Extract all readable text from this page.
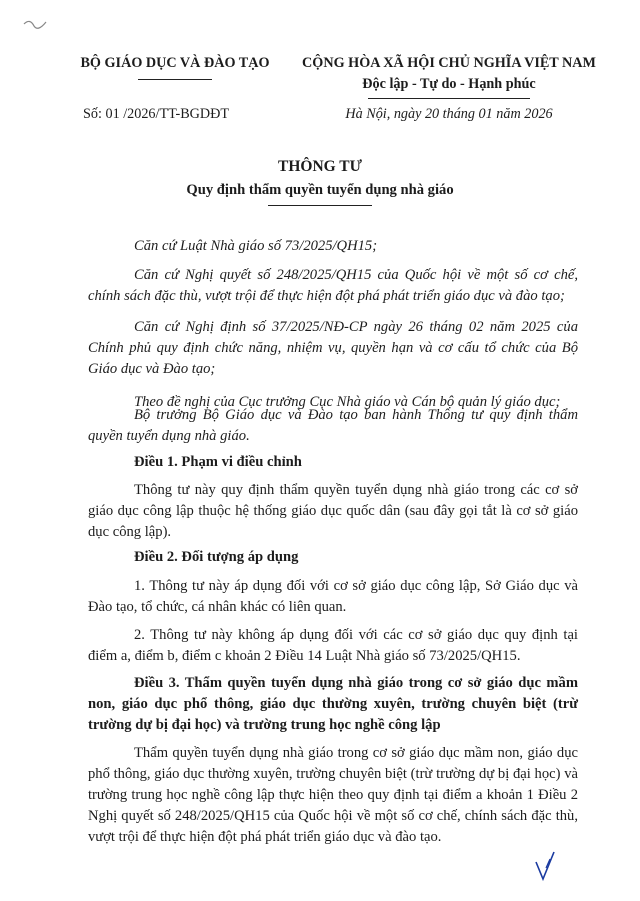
BỘ GIÁO DỤC VÀ ĐÀO TẠO
Số: 01 /2026/TT-BGDĐT
CỘNG HÒA XÃ HỘI CHỦ NGHĨA VIỆT NAM
Độc lập - Tự do - Hạnh phúc
Hà Nội, ngày 20 tháng 01 năm 2026
THÔNG TƯ
Quy định thẩm quyền tuyển dụng nhà giáo
Căn cứ Luật Nhà giáo số 73/2025/QH15;
Căn cứ Nghị quyết số 248/2025/QH15 của Quốc hội về một số cơ chế, chính sách đặc thù, vượt trội để thực hiện đột phá phát triển giáo dục và đào tạo;
Căn cứ Nghị định số 37/2025/NĐ-CP ngày 26 tháng 02 năm 2025 của Chính phủ quy định chức năng, nhiệm vụ, quyền hạn và cơ cấu tổ chức của Bộ Giáo dục và Đào tạo;
Theo đề nghị của Cục trưởng Cục Nhà giáo và Cán bộ quản lý giáo dục;
Bộ trưởng Bộ Giáo dục và Đào tạo ban hành Thông tư quy định thẩm quyền tuyển dụng nhà giáo.
Điều 1. Phạm vi điều chỉnh
Thông tư này quy định thẩm quyền tuyển dụng nhà giáo trong các cơ sở giáo dục công lập thuộc hệ thống giáo dục quốc dân (sau đây gọi tắt là cơ sở giáo dục công lập).
Điều 2. Đối tượng áp dụng
1. Thông tư này áp dụng đối với cơ sở giáo dục công lập, Sở Giáo dục và Đào tạo, tổ chức, cá nhân khác có liên quan.
2. Thông tư này không áp dụng đối với các cơ sở giáo dục quy định tại điểm a, điểm b, điểm c khoản 2 Điều 14 Luật Nhà giáo số 73/2025/QH15.
Điều 3. Thẩm quyền tuyển dụng nhà giáo trong cơ sở giáo dục mầm non, giáo dục phổ thông, giáo dục thường xuyên, trường chuyên biệt (trừ trường dự bị đại học) và trường trung học nghề công lập
Thẩm quyền tuyển dụng nhà giáo trong cơ sở giáo dục mầm non, giáo dục phổ thông, giáo dục thường xuyên, trường chuyên biệt (trừ trường dự bị đại học) và trường trung học nghề công lập thực hiện theo quy định tại điểm a khoản 1 Điều 2 Nghị quyết số 248/2025/QH15 của Quốc hội về một số cơ chế, chính sách đặc thù, vượt trội để thực hiện đột phá phát triển giáo dục và đào tạo.
